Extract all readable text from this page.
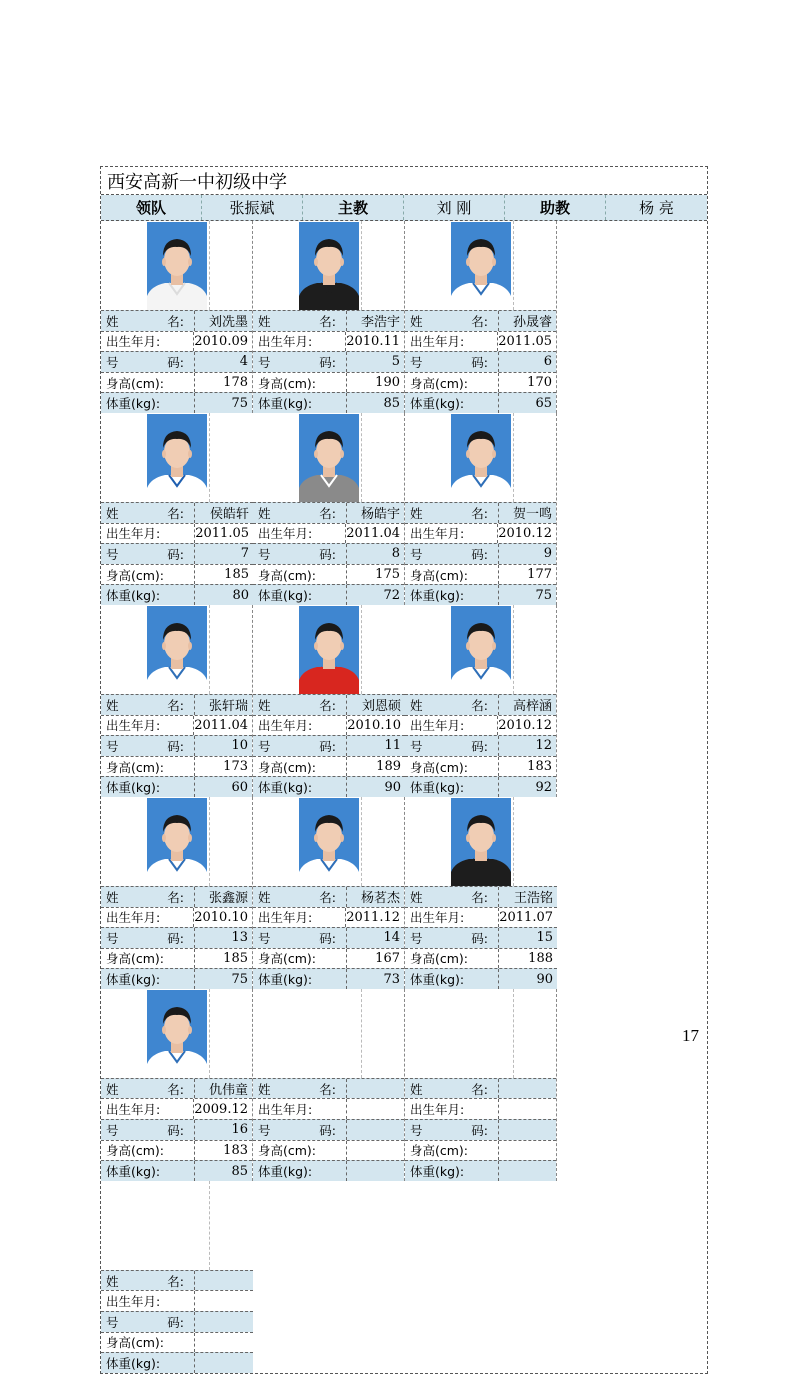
西安高新一中初级中学
领队	张振斌	主教	刘 刚	助教	杨 亮
姓	名:	刘冼墨
出生年月:	2010.09
号	码:	4
身高(cm):	178
体重(kg):	75
姓	名:	李浩宇
出生年月:	2010.11
号	码:	5
身高(cm):	190
体重(kg):	85
姓	名:	孙晟睿
出生年月:	2011.05
号	码:	6
身高(cm):	170
体重(kg):	65
姓	名:	侯皓轩
出生年月:	2011.05
号	码:	7
身高(cm):	185
体重(kg):	80
姓	名:	杨皓宇
出生年月:	2011.04
号	码:	8
身高(cm):	175
体重(kg):	72
姓	名:	贺一鸣
出生年月:	2010.12
号	码:	9
身高(cm):	177
体重(kg):	75
姓	名:	张轩瑞
出生年月:	2011.04
号	码:	10
身高(cm):	173
体重(kg):	60
姓	名:	刘恩硕
出生年月:	2010.10
号	码:	11
身高(cm):	189
体重(kg):	90
姓	名:	高梓涵
出生年月:	2010.12
号	码:	12
身高(cm):	183
体重(kg):	92
姓	名:	张鑫源
出生年月:	2010.10
号	码:	13
身高(cm):	185
体重(kg):	75
姓	名:	杨茗杰
出生年月:	2011.12
号	码:	14
身高(cm):	167
体重(kg):	73
姓	名:	王浩铭
出生年月:	2011.07
号	码:	15
身高(cm):	188
体重(kg):	90
姓	名:	仇伟童
出生年月:	2009.12
号	码:	16
身高(cm):	183
体重(kg):	85
姓	名:
出生年月:
号	码:
身高(cm):
体重(kg):
姓	名:
出生年月:
号	码:
身高(cm):
体重(kg):
姓	名:
出生年月:
号	码:
身高(cm):
体重(kg):
17
